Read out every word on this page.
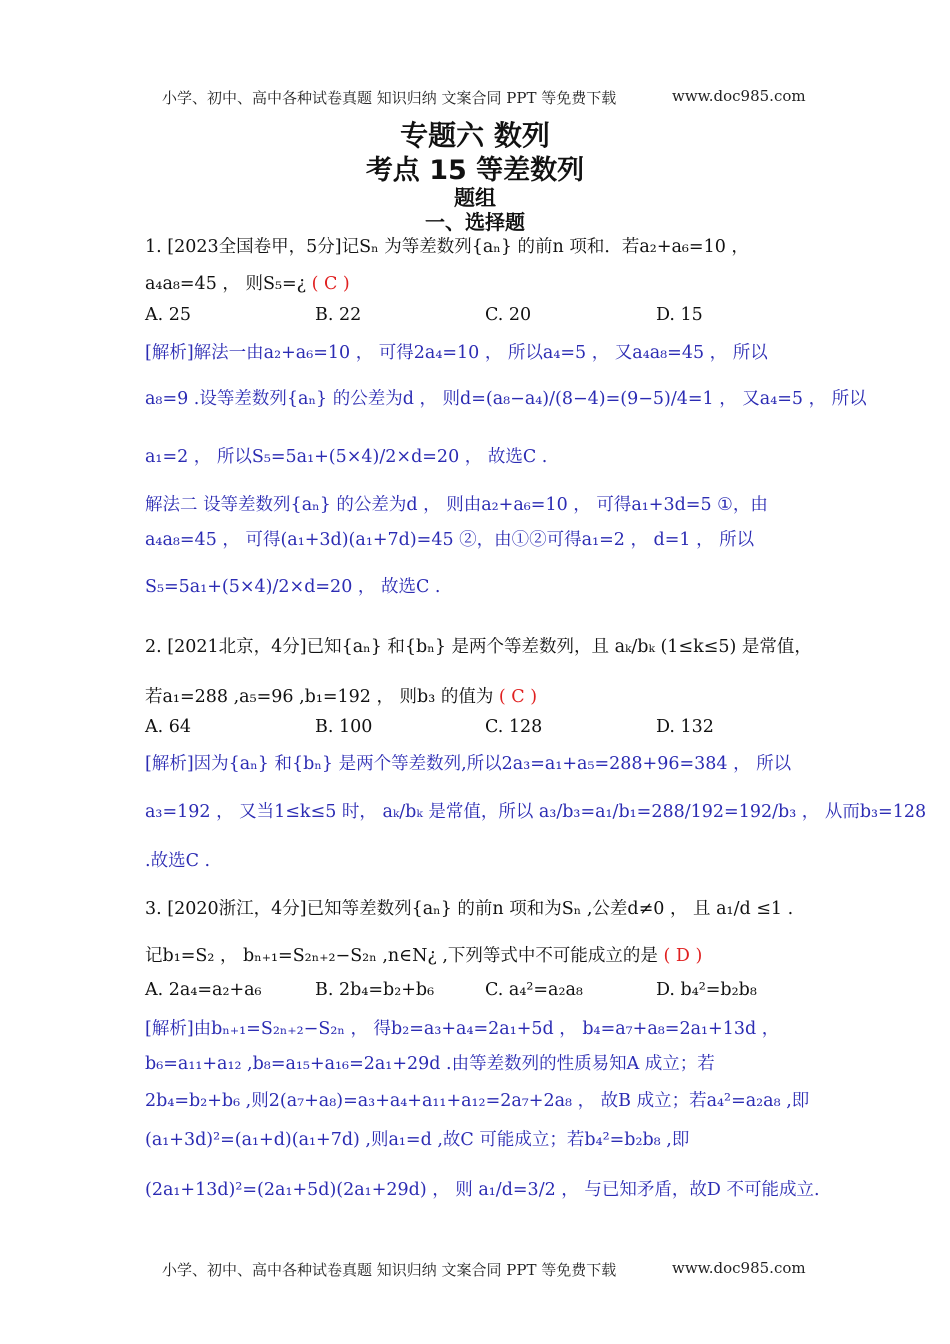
小学、初中、高中各种试卷真题 知识归纳 文案合同 PPT 等免费下载	www.doc985.com
专题六 数列
考点 15 等差数列
题组
一、选择题
1. [2023全国卷甲，5分]记Sₙ 为等差数列{aₙ} 的前n 项和．若a₂+a₆=10 ，
a₄a₈=45 ， 则S₅=¿ ( C )
A. 25	B. 22	C. 20	D. 15
[解析]解法一由a₂+a₆=10 ， 可得2a₄=10 ， 所以a₄=5 ， 又a₄a₈=45 ， 所以
a₈=9 .设等差数列{aₙ} 的公差为d ， 则d=(a₈−a₄)/(8−4)=(9−5)/4=1 ， 又a₄=5 ， 所以
a₁=2 ， 所以S₅=5a₁+(5×4)/2×d=20 ， 故选C .
解法二 设等差数列{aₙ} 的公差为d ， 则由a₂+a₆=10 ， 可得a₁+3d=5 ①，由
a₄a₈=45 ， 可得(a₁+3d)(a₁+7d)=45 ②，由①②可得a₁=2 ， d=1 ， 所以
S₅=5a₁+(5×4)/2×d=20 ， 故选C .
2. [2021北京，4分]已知{aₙ} 和{bₙ} 是两个等差数列，且 aₖ/bₖ (1≤k≤5) 是常值，
若a₁=288 ,a₅=96 ,b₁=192 ， 则b₃ 的值为 ( C )
A. 64	B. 100	C. 128	D. 132
[解析]因为{aₙ} 和{bₙ} 是两个等差数列,所以2a₃=a₁+a₅=288+96=384 ， 所以
a₃=192 ， 又当1≤k≤5 时， aₖ/bₖ 是常值，所以 a₃/b₃=a₁/b₁=288/192=192/b₃ ， 从而b₃=128
.故选C .
3. [2020浙江，4分]已知等差数列{aₙ} 的前n 项和为Sₙ ,公差d≠0 ， 且 a₁/d ≤1 .
记b₁=S₂ ， bₙ₊₁=S₂ₙ₊₂−S₂ₙ ,n∈N¿ ,下列等式中不可能成立的是 ( D )
A. 2a₄=a₂+a₆	B. 2b₄=b₂+b₆	C. a₄²=a₂a₈	D. b₄²=b₂b₈
[解析]由bₙ₊₁=S₂ₙ₊₂−S₂ₙ ， 得b₂=a₃+a₄=2a₁+5d ， b₄=a₇+a₈=2a₁+13d ，
b₆=a₁₁+a₁₂ ,b₈=a₁₅+a₁₆=2a₁+29d .由等差数列的性质易知A 成立；若
2b₄=b₂+b₆ ,则2(a₇+a₈)=a₃+a₄+a₁₁+a₁₂=2a₇+2a₈ ， 故B 成立；若a₄²=a₂a₈ ,即
(a₁+3d)²=(a₁+d)(a₁+7d) ,则a₁=d ,故C 可能成立；若b₄²=b₂b₈ ,即
(2a₁+13d)²=(2a₁+5d)(2a₁+29d) ， 则 a₁/d=3/2 ， 与已知矛盾，故D 不可能成立.
小学、初中、高中各种试卷真题 知识归纳 文案合同 PPT 等免费下载	www.doc985.com
